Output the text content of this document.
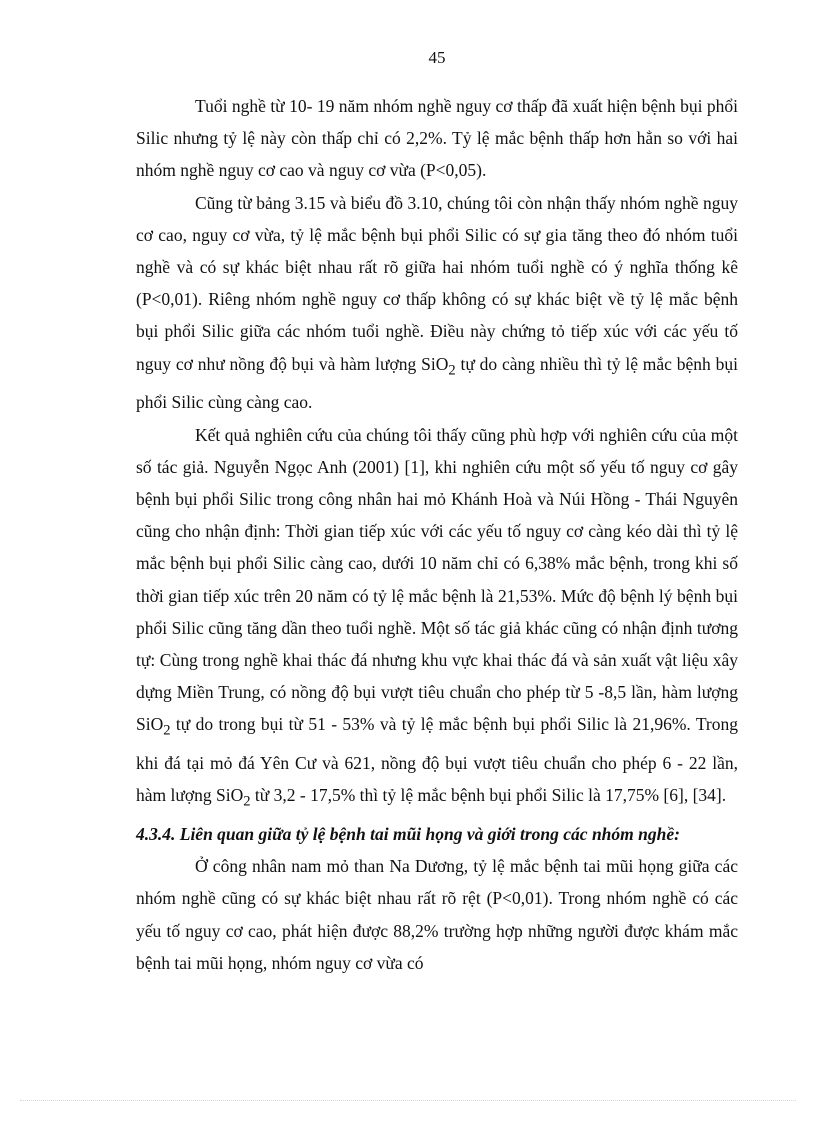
45

Tuổi nghề từ 10- 19 năm nhóm nghề nguy cơ thấp đã xuất hiện bệnh bụi phổi Silic nhưng tỷ lệ này còn thấp chỉ có 2,2%. Tỷ lệ mắc bệnh thấp hơn hẳn so với hai nhóm nghề nguy cơ cao và nguy cơ vừa (P<0,05).

Cũng từ bảng 3.15 và biểu đồ 3.10, chúng tôi còn nhận thấy nhóm nghề nguy cơ cao, nguy cơ vừa, tỷ lệ mắc bệnh bụi phổi Silic có sự gia tăng theo đó nhóm tuổi nghề và có sự khác biệt nhau rất rõ giữa hai nhóm tuổi nghề có ý nghĩa thống kê (P<0,01). Riêng nhóm nghề nguy cơ thấp không có sự khác biệt về tỷ lệ mắc bệnh bụi phổi Silic giữa các nhóm tuổi nghề. Điều này chứng tỏ tiếp xúc với các yếu tố nguy cơ như nồng độ bụi và hàm lượng SiO$_2$ tự do càng nhiều thì tỷ lệ mắc bệnh bụi phổi Silic cùng càng cao.

Kết quả nghiên cứu của chúng tôi thấy cũng phù hợp với nghiên cứu của một số tác giả. Nguyễn Ngọc Anh (2001) [1], khi nghiên cứu một số yếu tố nguy cơ gây bệnh bụi phổi Silic trong công nhân hai mỏ Khánh Hoà và Núi Hồng - Thái Nguyên cũng cho nhận định: Thời gian tiếp xúc với các yếu tố nguy cơ càng kéo dài thì tỷ lệ mắc bệnh bụi phổi Silic càng cao, dưới 10 năm chỉ có 6,38% mắc bệnh, trong khi số thời gian tiếp xúc trên 20 năm có tỷ lệ mắc bệnh là 21,53%. Mức độ bệnh lý bệnh bụi phổi Silic cũng tăng dần theo tuổi nghề. Một số tác giả khác cũng có nhận định tương tự: Cùng trong nghề khai thác đá nhưng khu vực khai thác đá và sản xuất vật liệu xây dựng Miền Trung, có nồng độ bụi vượt tiêu chuẩn cho phép từ 5 -8,5 lần, hàm lượng SiO$_2$ tự do trong bụi từ 51 - 53% và tỷ lệ mắc bệnh bụi phổi Silic là 21,96%. Trong khi đá tại mỏ đá Yên Cư và 621, nồng độ bụi vượt tiêu chuẩn cho phép 6 - 22 lần, hàm lượng SiO$_2$ từ 3,2 - 17,5% thì tỷ lệ mắc bệnh bụi phổi Silic là 17,75% [6], [34].

4.3.4. Liên quan giữa tỷ lệ bệnh tai mũi họng và giới trong các nhóm nghề:

Ở công nhân nam mỏ than Na Dương, tỷ lệ mắc bệnh tai mũi họng giữa các nhóm nghề cũng có sự khác biệt nhau rất rõ rệt (P<0,01). Trong nhóm nghề có các yếu tố nguy cơ cao, phát hiện được 88,2% trường hợp những người được khám mắc bệnh tai mũi họng, nhóm nguy cơ vừa có
